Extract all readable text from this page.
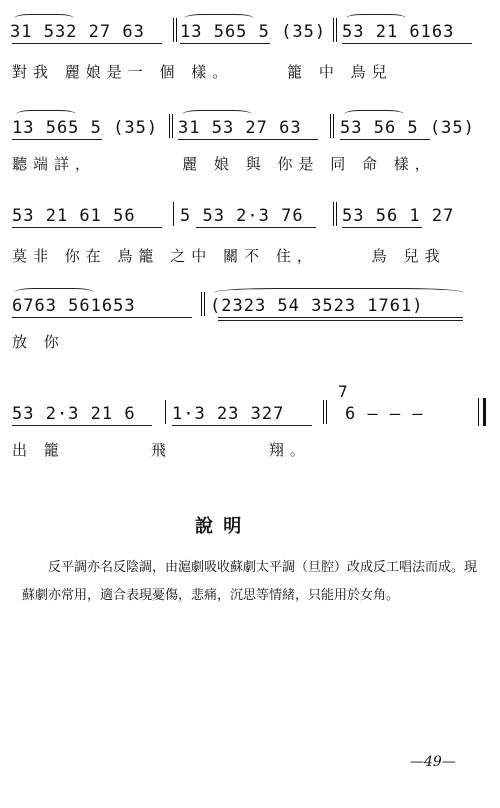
31 532 27 63 13 565 5 (35) 53 21 6163
對我 麗娘是一 個 樣。     籠 中 鳥兒
13 565 5 (35) 31 53 27 63 53 56 5 (35)
聽端詳，        麗 娘 與 你是 同 命 樣，
53 21 61 56	5 53 2·3 76 53 56 1 27
莫非 你在 鳥籠 之中 關不 住，     鳥 兒我
6763 561653	(2323 54 3523 1761)
放 你
53 2·3 21 6 1·3 23 327
7
6 — — —
出 籠        飛         翔。
說 明
反平調亦名反陰調，由滬劇吸收蘇劇太平調（旦腔）改成反工唱法而成。現蘇劇亦常用，適合表現憂傷，悲痛，沉思等情緒，只能用於女角。
—49—
